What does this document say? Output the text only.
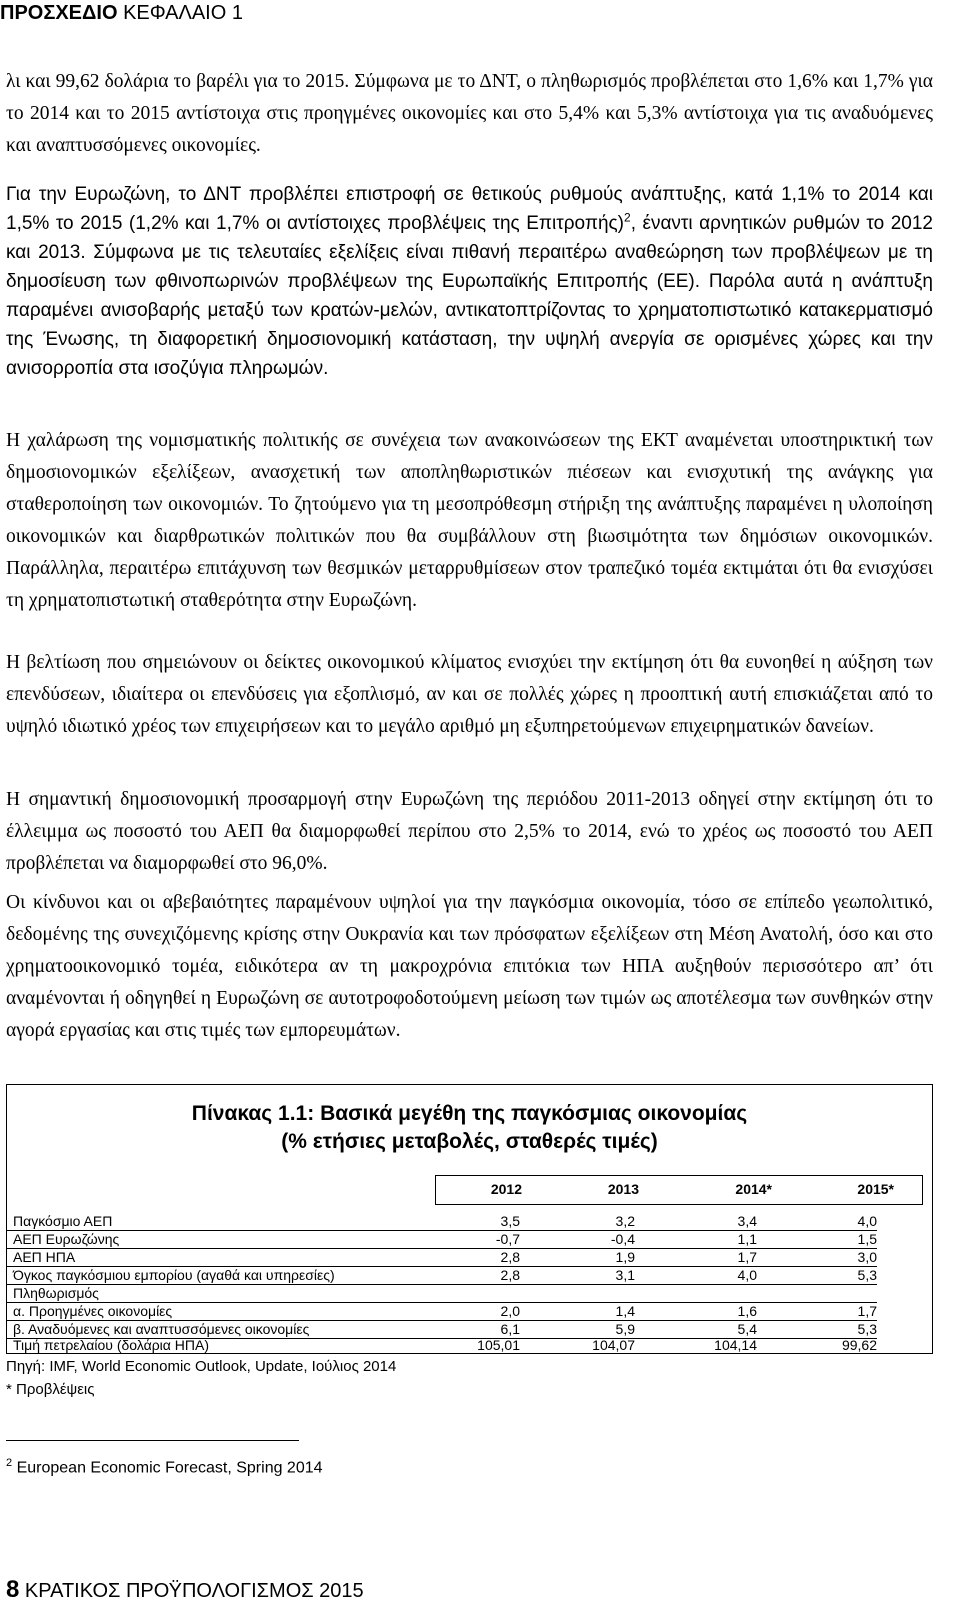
ΠΡΟΣΧΕΔΙΟ ΚΕΦΑΛΑΙΟ 1

λι και 99,62 δολάρια το βαρέλι για το 2015. Σύμφωνα με το ΔΝΤ, ο πληθωρισμός προβλέπεται στο 1,6% και 1,7% για το 2014 και το 2015 αντίστοιχα στις προηγμένες οικονομίες και στο 5,4% και 5,3% αντίστοιχα για τις αναδυόμενες και αναπτυσσόμενες οικονομίες.

Για την Ευρωζώνη, το ΔΝΤ προβλέπει επιστροφή σε θετικούς ρυθμούς ανάπτυξης, κατά 1,1% το 2014 και 1,5% το 2015 (1,2% και 1,7% οι αντίστοιχες προβλέψεις της Επιτροπής)$^2$, έναντι αρνητικών ρυθμών το 2012 και 2013. Σύμφωνα με τις τελευταίες εξελίξεις είναι πιθανή περαιτέρω αναθεώρηση των προβλέψεων με τη δημοσίευση των φθινοπωρινών προβλέψεων της Ευρωπαϊκής Επιτροπής (ΕΕ). Παρόλα αυτά η ανάπτυξη παραμένει ανισοβαρής μεταξύ των κρατών-μελών, αντικατοπτρίζοντας το χρηματοπιστωτικό κατακερματισμό της Ένωσης, τη διαφορετική δημοσιονομική κατάσταση, την υψηλή ανεργία σε ορισμένες χώρες και την ανισορροπία στα ισοζύγια πληρωμών.

Η χαλάρωση της νομισματικής πολιτικής σε συνέχεια των ανακοινώσεων της ΕΚΤ αναμένεται υποστηρικτική των δημοσιονομικών εξελίξεων, ανασχετική των αποπληθωριστικών πιέσεων και ενισχυτική της ανάγκης για σταθεροποίηση των οικονομιών. Το ζητούμενο για τη μεσοπρόθεσμη στήριξη της ανάπτυξης παραμένει η υλοποίηση οικονομικών και διαρθρωτικών πολιτικών που θα συμβάλλουν στη βιωσιμότητα των δημόσιων οικονομικών. Παράλληλα, περαιτέρω επιτάχυνση των θεσμικών μεταρρυθμίσεων στον τραπεζικό τομέα εκτιμάται ότι θα ενισχύσει τη χρηματοπιστωτική σταθερότητα στην Ευρωζώνη.

Η βελτίωση που σημειώνουν οι δείκτες οικονομικού κλίματος ενισχύει την εκτίμηση ότι θα ευνοηθεί η αύξηση των επενδύσεων, ιδιαίτερα οι επενδύσεις για εξοπλισμό, αν και σε πολλές χώρες η προοπτική αυτή επισκιάζεται από το υψηλό ιδιωτικό χρέος των επιχειρήσεων και το μεγάλο αριθμό μη εξυπηρετούμενων επιχειρηματικών δανείων.

Η σημαντική δημοσιονομική προσαρμογή στην Ευρωζώνη της περιόδου 2011-2013 οδηγεί στην εκτίμηση ότι το έλλειμμα ως ποσοστό του ΑΕΠ θα διαμορφωθεί περίπου στο 2,5% το 2014, ενώ το χρέος ως ποσοστό του ΑΕΠ προβλέπεται να διαμορφωθεί στο 96,0%.

Οι κίνδυνοι και οι αβεβαιότητες παραμένουν υψηλοί για την παγκόσμια οικονομία, τόσο σε επίπεδο γεωπολιτικό, δεδομένης της συνεχιζόμενης κρίσης στην Ουκρανία και των πρόσφατων εξελίξεων στη Μέση Ανατολή, όσο και στο χρηματοοικονομικό τομέα, ειδικότερα αν τη μακροχρόνια επιτόκια των ΗΠΑ αυξηθούν περισσότερο απ’ ότι αναμένονται ή οδηγηθεί η Ευρωζώνη σε αυτοτροφοδοτούμενη μείωση των τιμών ως αποτέλεσμα των συνθηκών στην αγορά εργασίας και στις τιμές των εμπορευμάτων.

Πίνακας 1.1: Βασικά μεγέθη της παγκόσμιας οικονομίας
(% ετήσιες μεταβολές, σταθερές τιμές)
2012	2013	2014*	2015*
Παγκόσμιο ΑΕΠ	3,5	3,2	3,4	4,0
ΑΕΠ Ευρωζώνης	-0,7	-0,4	1,1	1,5
ΑΕΠ ΗΠΑ	2,8	1,9	1,7	3,0
Όγκος παγκόσμιου εμπορίου (αγαθά και υπηρεσίες)	2,8	3,1	4,0	5,3
Πληθωρισμός
α. Προηγμένες οικονομίες	2,0	1,4	1,6	1,7
β. Αναδυόμενες και αναπτυσσόμενες οικονομίες	6,1	5,9	5,4	5,3
Τιμή πετρελαίου (δολάρια ΗΠΑ)	105,01	104,07	104,14	99,62
Πηγή: IMF, World Economic Outlook, Update, Ιούλιος 2014
* Προβλέψεις
$^2$ European Economic Forecast, Spring 2014
8 ΚΡΑΤΙΚΟΣ ΠΡΟΫΠΟΛΟΓΙΣΜΟΣ 2015
